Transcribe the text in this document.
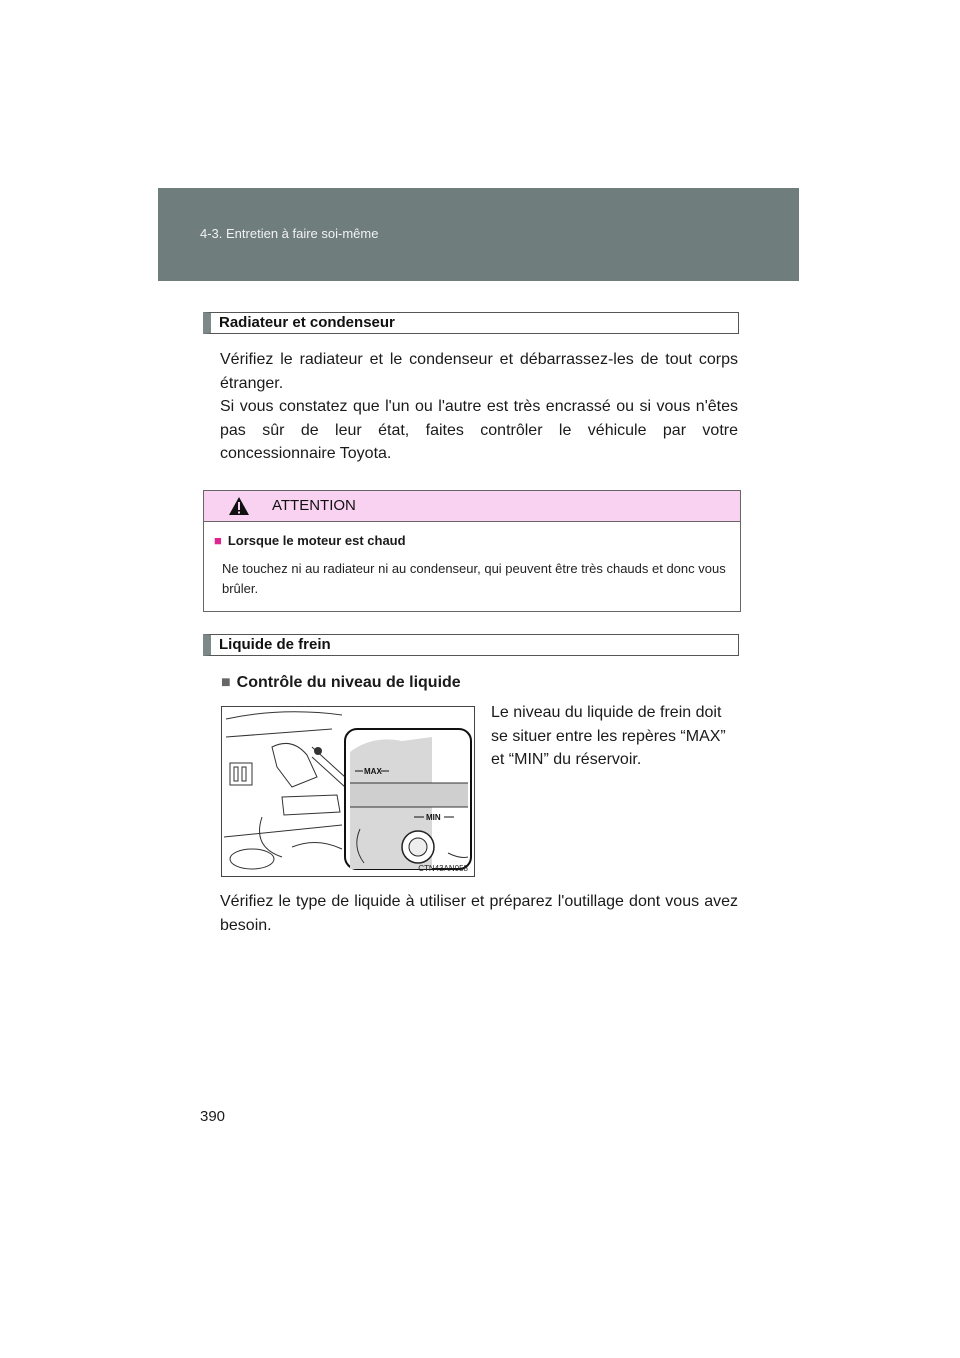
4-3. Entretien à faire soi-même
Radiateur et condenseur
Vérifiez le radiateur et le condenseur et débarrassez-les de tout corps étranger.
Si vous constatez que l'un ou l'autre est très encrassé ou si vous n'êtes pas sûr de leur état, faites contrôler le véhicule par votre concessionnaire Toyota.
ATTENTION
■ Lorsque le moteur est chaud
Ne touchez ni au radiateur ni au condenseur, qui peuvent être très chauds et donc vous brûler.
Liquide de frein
■ Contrôle du niveau de liquide
MAX
MIN
CTN43AN058
Le niveau du liquide de frein doit se situer entre les repères “MAX” et “MIN” du réservoir.
Vérifiez le type de liquide à utiliser et préparez l'outillage dont vous avez besoin.
390
